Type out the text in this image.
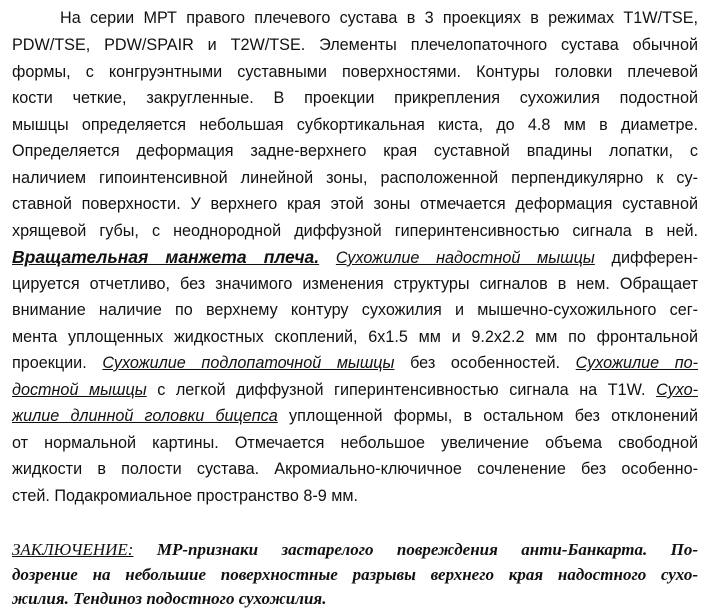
На серии МРТ правого плечевого сустава в 3 проекциях в режимах T1W/TSE,
PDW/TSE, PDW/SPAIR и T2W/TSE. Элементы плечелопаточного сустава обычной
формы, с конгруэнтными суставными поверхностями. Контуры головки плечевой
кости четкие, закругленные. В проекции прикрепления сухожилия подостной
мышцы определяется небольшая субкортикальная киста, до 4.8 мм в диаметре.
Определяется деформация задне-верхнего края суставной впадины лопатки, с
наличием гипоинтенсивной линейной зоны, расположенной перпендикулярно к су-
ставной поверхности. У верхнего края этой зоны отмечается деформация суставной
хрящевой губы, с неоднородной диффузной гиперинтенсивностью сигнала в ней.
Вращательная манжета плеча. Сухожилие надостной мышцы дифферен-
цируется отчетливо, без значимого изменения структуры сигналов в нем. Обращает
внимание наличие по верхнему контуру сухожилия и мышечно-сухожильного сег-
мента уплощенных жидкостных скоплений, 6х1.5 мм и 9.2х2.2 мм по фронтальной
проекции. Сухожилие подлопаточной мышцы без особенностей. Сухожилие по-
достной мышцы с легкой диффузной гиперинтенсивностью сигнала на T1W. Сухо-
жилие длинной головки бицепса уплощенной формы, в остальном без отклонений
от нормальной картины. Отмечается небольшое увеличение объема свободной
жидкости в полости сустава. Акромиально-ключичное сочленение без особенно-
стей. Подакромиальное пространство 8-9 мм.
ЗАКЛЮЧЕНИЕ: МР-признаки застарелого повреждения анти-Банкарта. По-
дозрение на небольшие поверхностные разрывы верхнего края надостного сухо-
жилия. Тендиноз подостного сухожилия.
